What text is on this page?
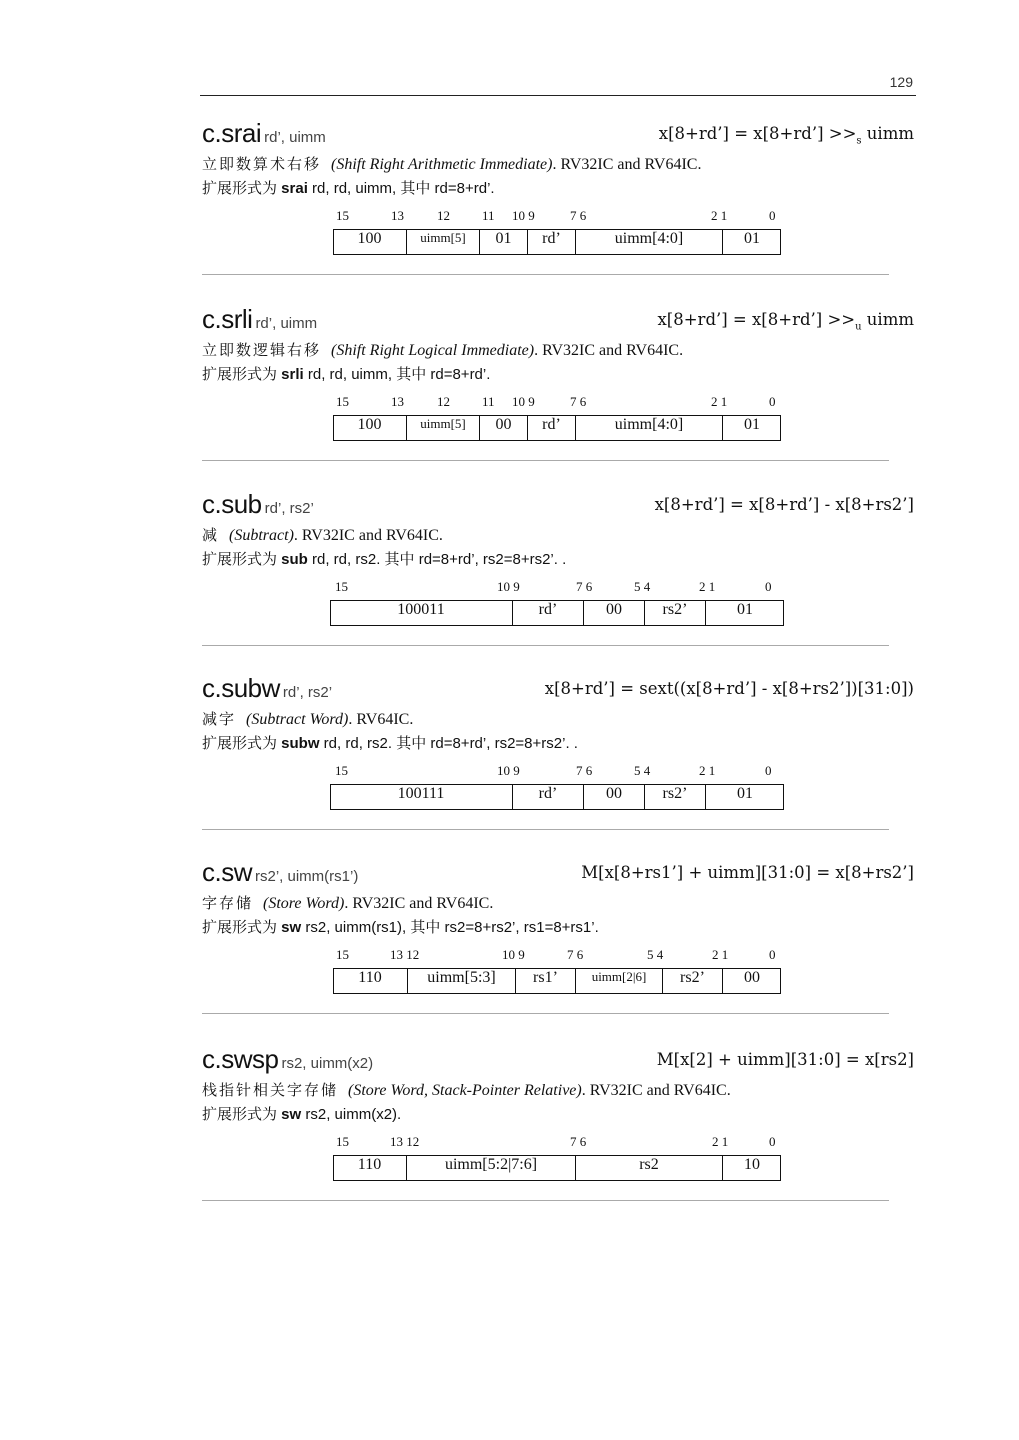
129
c.srai rd’, uimm	x[8+rd’] = x[8+rd’] $>>_s$ uimm
立即数算术右移 (Shift Right Arithmetic Immediate). RV32IC and RV64IC.
扩展形式为 srai rd, rd, uimm, 其中 rd=8+rd’.
15	13	12 11 10 9	7 6	2 1	0
100	uimm[5]	01	rd’	uimm[4:0]	01
c.srli rd’, uimm	x[8+rd’] = x[8+rd’] $>>_u$ uimm
立即数逻辑右移 (Shift Right Logical Immediate). RV32IC and RV64IC.
扩展形式为 srli rd, rd, uimm, 其中 rd=8+rd’.
15	13	12 11 10 9	7 6	2 1	0
100	uimm[5]	00	rd’	uimm[4:0]	01
c.sub rd’, rs2’	x[8+rd’] = x[8+rd’] - x[8+rs2’]
减 (Subtract). RV32IC and RV64IC.
扩展形式为 sub rd, rd, rs2. 其中 rd=8+rd’, rs2=8+rs2’. .
15	10 9	7 6	5 4	2 1	0
100011	rd’	00	rs2’	01
c.subw rd’, rs2’	x[8+rd’] = sext((x[8+rd’] - x[8+rs2’])[31:0])
减字 (Subtract Word). RV64IC.
扩展形式为 subw rd, rd, rs2. 其中 rd=8+rd’, rs2=8+rs2’. .
15	10 9	7 6	5 4	2 1	0
100111	rd’	00	rs2’	01
c.sw rs2’, uimm(rs1’)	M[x[8+rs1’] + uimm][31:0] = x[8+rs2’]
字存储 (Store Word). RV32IC and RV64IC.
扩展形式为 sw rs2, uimm(rs1), 其中 rs2=8+rs2’, rs1=8+rs1’.
15	13 12	10 9	7 6	5 4	2 1	0
110	uimm[5:3]	rs1’	uimm[2|6]	rs2’	00
c.swsp rs2, uimm(x2)	M[x[2] + uimm][31:0] = x[rs2]
栈指针相关字存储 (Store Word, Stack-Pointer Relative). RV32IC and RV64IC.
扩展形式为 sw rs2, uimm(x2).
15	13 12	7 6	2 1	0
110	uimm[5:2|7:6]	rs2	10
